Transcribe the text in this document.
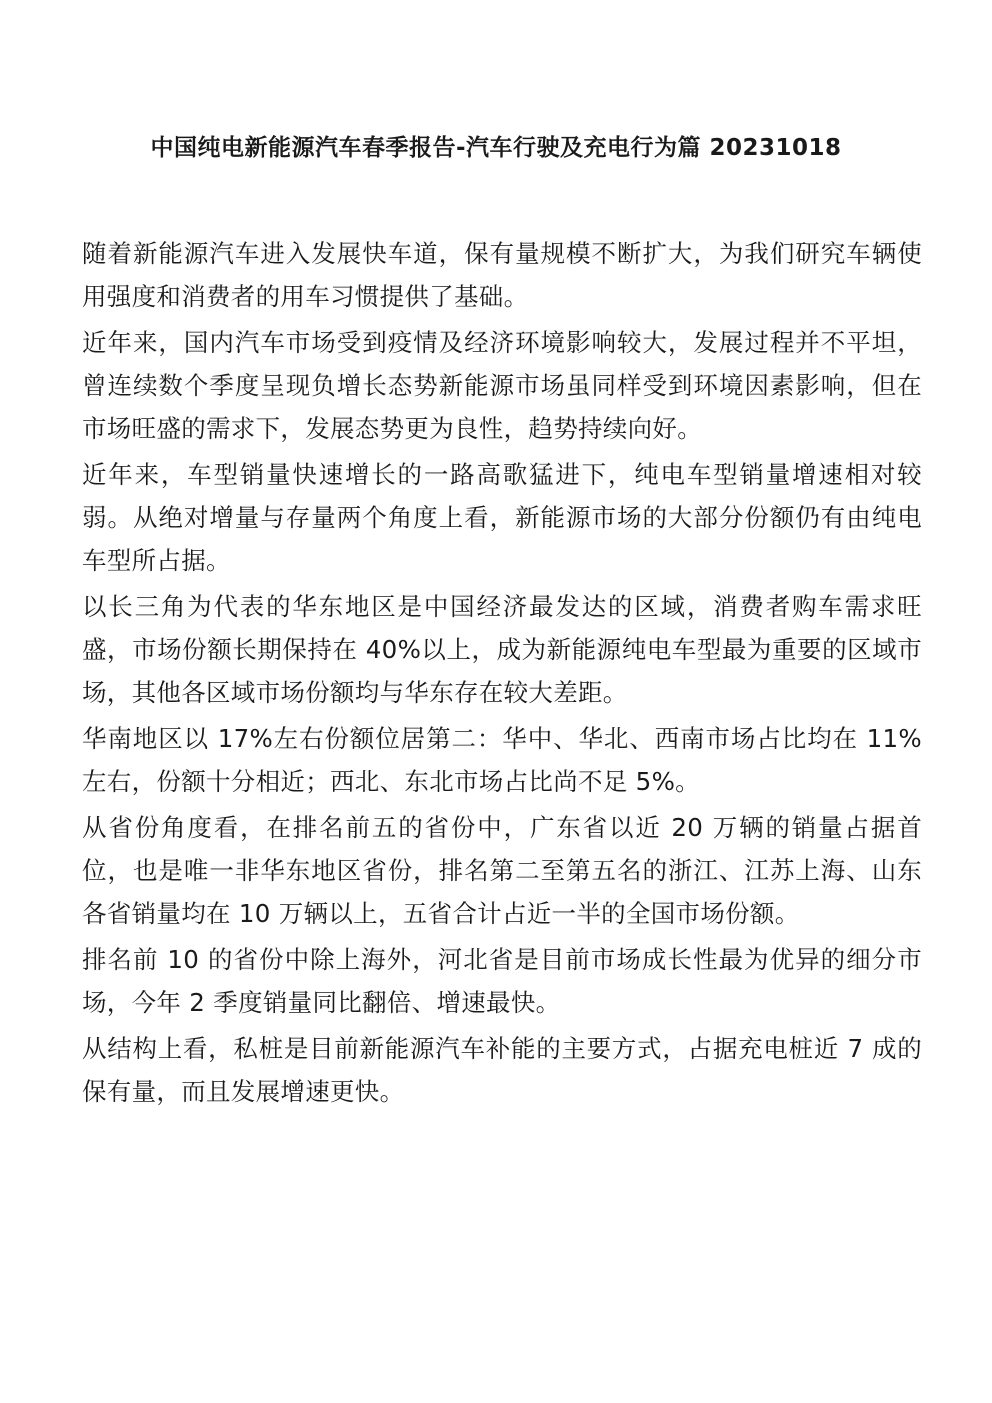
中国纯电新能源汽车春季报告-汽车行驶及充电行为篇 20231018

随着新能源汽车进入发展快车道，保有量规模不断扩大，为我们研究车辆使用强度和消费者的用车习惯提供了基础。

近年来，国内汽车市场受到疫情及经济环境影响较大，发展过程并不平坦，曾连续数个季度呈现负增长态势新能源市场虽同样受到环境因素影响，但在市场旺盛的需求下，发展态势更为良性，趋势持续向好。

近年来，车型销量快速增长的一路高歌猛进下，纯电车型销量增速相对较弱。从绝对增量与存量两个角度上看，新能源市场的大部分份额仍有由纯电车型所占据。

以长三角为代表的华东地区是中国经济最发达的区域，消费者购车需求旺盛，市场份额长期保持在 40%以上，成为新能源纯电车型最为重要的区域市场，其他各区域市场份额均与华东存在较大差距。

华南地区以 17%左右份额位居第二：华中、华北、西南市场占比均在 11%左右，份额十分相近；西北、东北市场占比尚不足 5%。

从省份角度看，在排名前五的省份中，广东省以近 20 万辆的销量占据首位，也是唯一非华东地区省份，排名第二至第五名的浙江、江苏上海、山东各省销量均在 10 万辆以上，五省合计占近一半的全国市场份额。

排名前 10 的省份中除上海外，河北省是目前市场成长性最为优异的细分市场，今年 2 季度销量同比翻倍、增速最快。

从结构上看，私桩是目前新能源汽车补能的主要方式，占据充电桩近 7 成的保有量，而且发展增速更快。
